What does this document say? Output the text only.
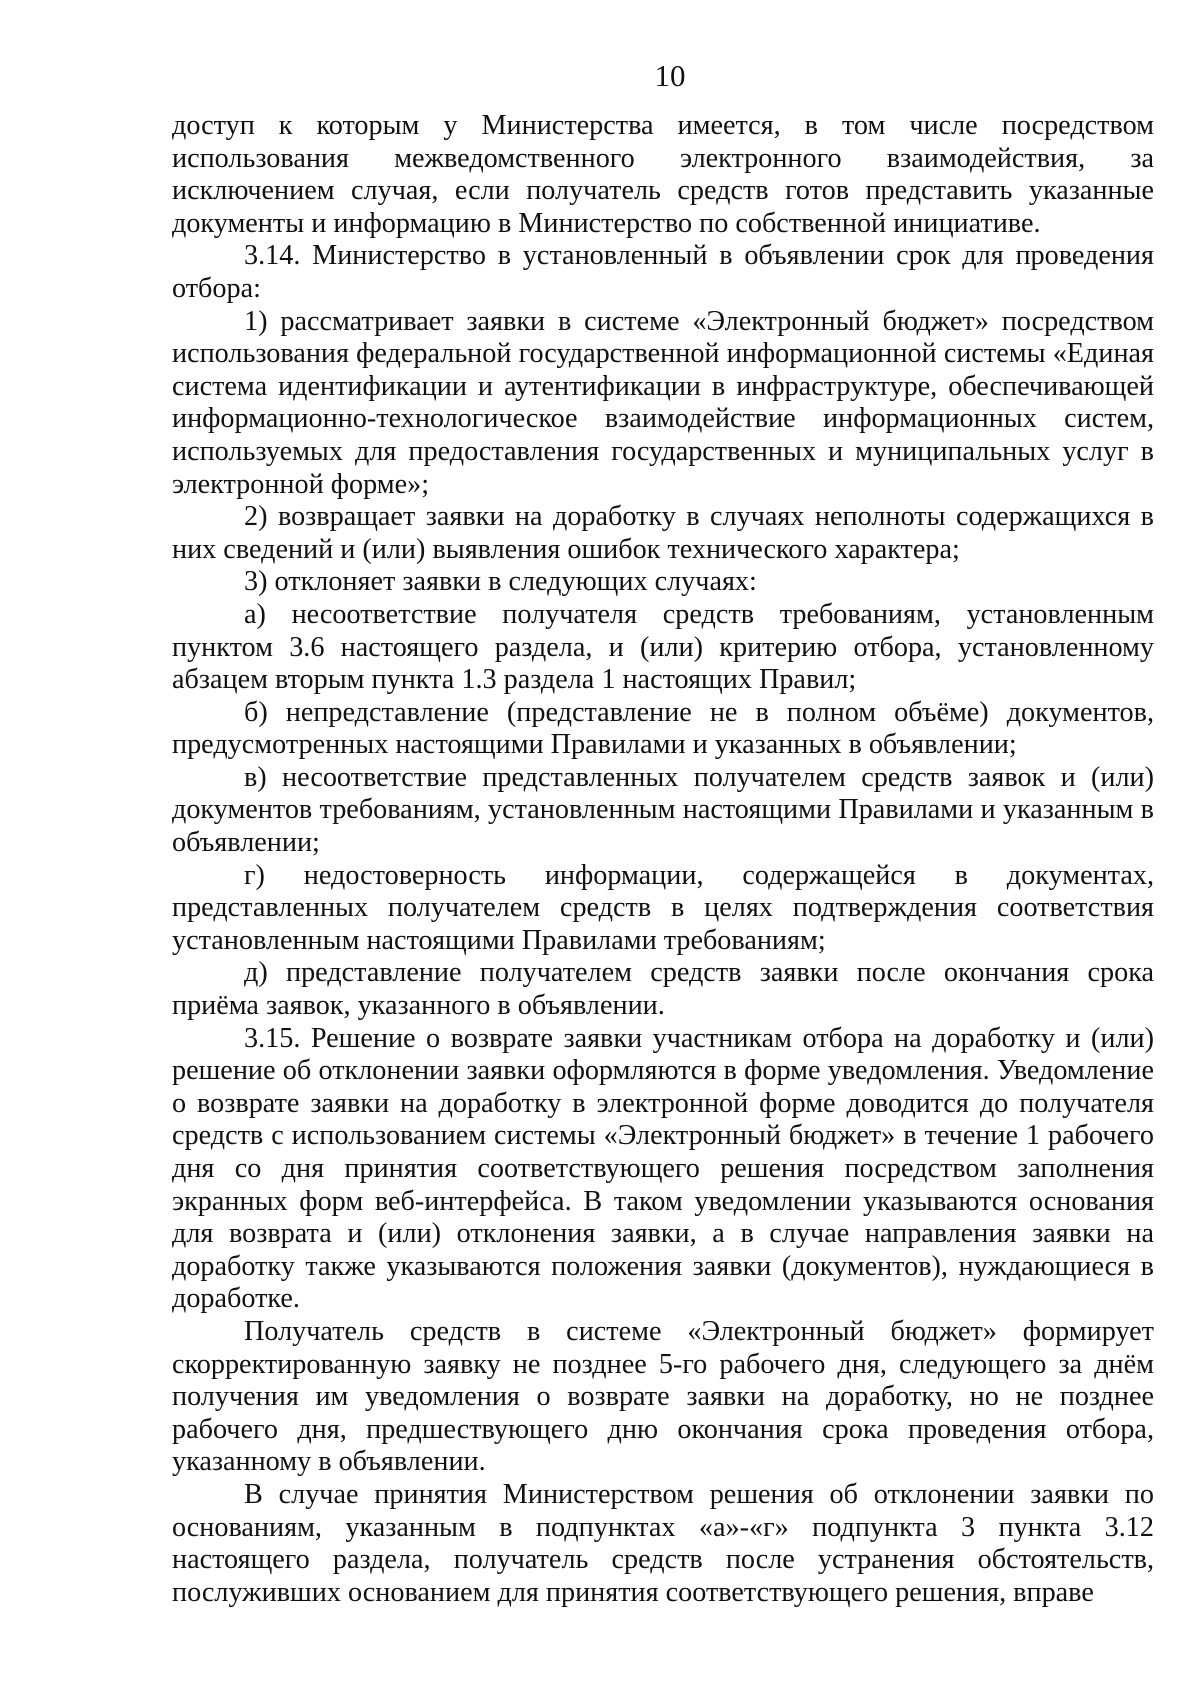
10

доступ к которым у Министерства имеется, в том числе посредством использования межведомственного электронного взаимодействия, за исключением случая, если получатель средств готов представить указанные документы и информацию в Министерство по собственной инициативе.

3.14. Министерство в установленный в объявлении срок для проведения отбора:

1) рассматривает заявки в системе «Электронный бюджет» посредством использования федеральной государственной информационной системы «Единая система идентификации и аутентификации в инфраструктуре, обеспечивающей информационно-технологическое взаимодействие информационных систем, используемых для предоставления государственных и муниципальных услуг в электронной форме»;

2) возвращает заявки на доработку в случаях неполноты содержащихся в них сведений и (или) выявления ошибок технического характера;

3) отклоняет заявки в следующих случаях:

а) несоответствие получателя средств требованиям, установленным пунктом 3.6 настоящего раздела, и (или) критерию отбора, установленному абзацем вторым пункта 1.3 раздела 1 настоящих Правил;

б) непредставление (представление не в полном объёме) документов, предусмотренных настоящими Правилами и указанных в объявлении;

в) несоответствие представленных получателем средств заявок и (или) документов требованиям, установленным настоящими Правилами и указанным в объявлении;

г) недостоверность информации, содержащейся в документах, представленных получателем средств в целях подтверждения соответствия установленным настоящими Правилами требованиям;

д) представление получателем средств заявки после окончания срока приёма заявок, указанного в объявлении.

3.15. Решение о возврате заявки участникам отбора на доработку и (или) решение об отклонении заявки оформляются в форме уведомления. Уведомление о возврате заявки на доработку в электронной форме доводится до получателя средств с использованием системы «Электронный бюджет» в течение 1 рабочего дня со дня принятия соответствующего решения посредством заполнения экранных форм веб-интерфейса. В таком уведомлении указываются основания для возврата и (или) отклонения заявки, а в случае направления заявки на доработку также указываются положения заявки (документов), нуждающиеся в доработке.

Получатель средств в системе «Электронный бюджет» формирует скорректированную заявку не позднее 5-го рабочего дня, следующего за днём получения им уведомления о возврате заявки на доработку, но не позднее рабочего дня, предшествующего дню окончания срока проведения отбора, указанному в объявлении.

В случае принятия Министерством решения об отклонении заявки по основаниям, указанным в подпунктах «а»-«г» подпункта 3 пункта 3.12 настоящего раздела, получатель средств после устранения обстоятельств, послуживших основанием для принятия соответствующего решения, вправе
